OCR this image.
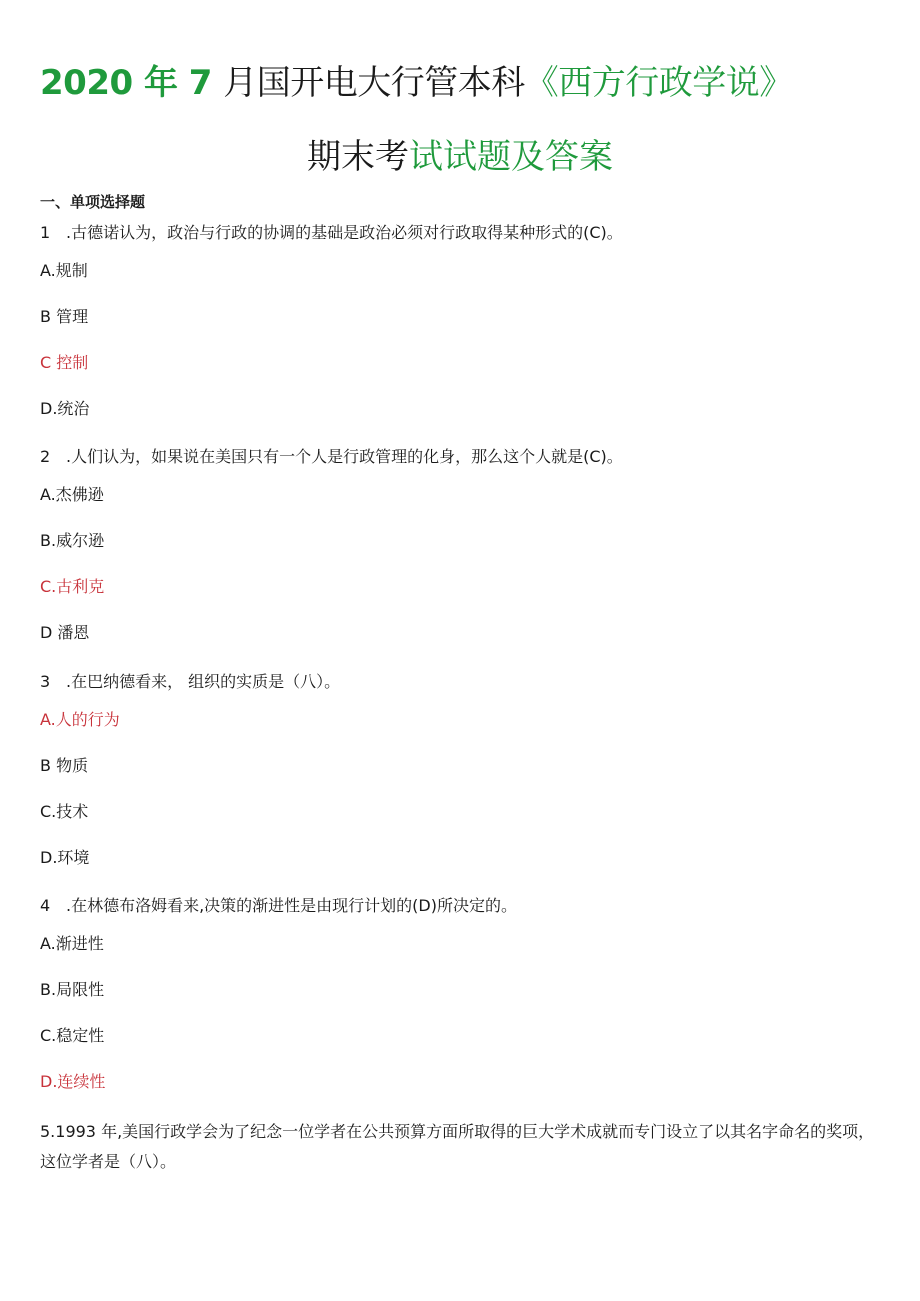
2020 年 7 月国开电大行管本科《西方行政学说》
期末考试试题及答案
一、单项选择题
1 .古德诺认为，政治与行政的协调的基础是政治必须对行政取得某种形式的(C)。
A.规制
B 管理
C 控制
D.统治
2 .人们认为，如果说在美国只有一个人是行政管理的化身，那么这个人就是(C)。
A.杰佛逊
B.威尔逊
C.古利克
D 潘恩
3 .在巴纳德看来， 组织的实质是（八）。
A.人的行为
B 物质
C.技术
D.环境
4 .在林德布洛姆看来,决策的渐进性是由现行计划的(D)所决定的。
A.渐进性
B.局限性
C.稳定性
D.连续性
5.1993 年,美国行政学会为了纪念一位学者在公共预算方面所取得的巨大学术成就而专门设立了以其名字命名的奖项，这位学者是（八）。
